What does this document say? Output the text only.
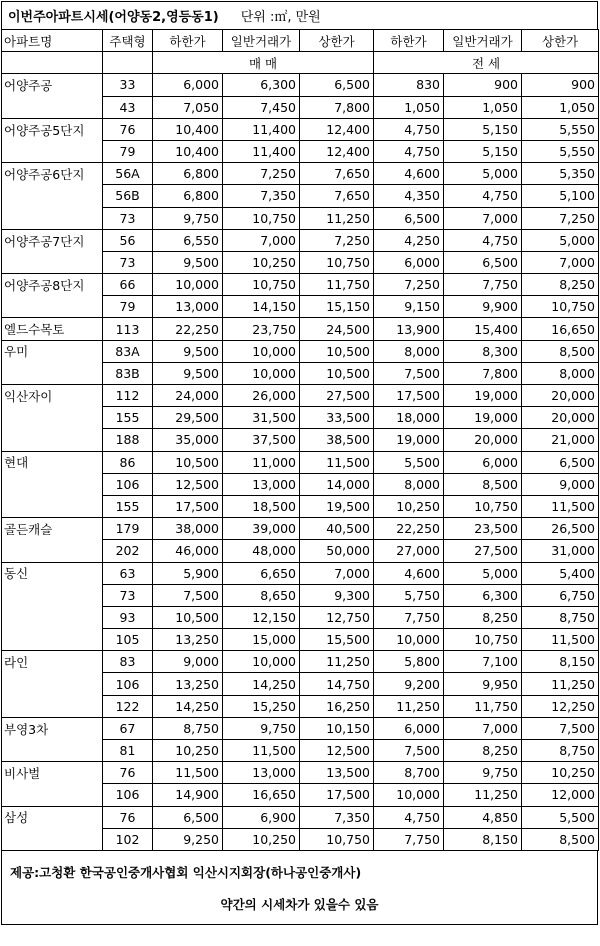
이번주아파트시세(어양동2,영등동1) 단위 :㎡, 만원
아파트명	주택형	하한가	일반거래가	상한가	하한가	일반거래가	상한가
		매 매			전 세		
어양주공	33	6,000	6,300	6,500	830	900	900
	43	7,050	7,450	7,800	1,050	1,050	1,050
어양주공5단지	76	10,400	11,400	12,400	4,750	5,150	5,550
	79	10,400	11,400	12,400	4,750	5,150	5,550
어양주공6단지	56A	6,800	7,250	7,650	4,600	5,000	5,350
	56B	6,800	7,350	7,650	4,350	4,750	5,100
	73	9,750	10,750	11,250	6,500	7,000	7,250
어양주공7단지	56	6,550	7,000	7,250	4,250	4,750	5,000
	73	9,500	10,250	10,750	6,000	6,500	7,000
어양주공8단지	66	10,000	10,750	11,750	7,250	7,750	8,250
	79	13,000	14,150	15,150	9,150	9,900	10,750
엘드수목토	113	22,250	23,750	24,500	13,900	15,400	16,650
우미	83A	9,500	10,000	10,500	8,000	8,300	8,500
	83B	9,500	10,000	10,500	7,500	7,800	8,000
익산자이	112	24,000	26,000	27,500	17,500	19,000	20,000
	155	29,500	31,500	33,500	18,000	19,000	20,000
	188	35,000	37,500	38,500	19,000	20,000	21,000
현대	86	10,500	11,000	11,500	5,500	6,000	6,500
	106	12,500	13,000	14,000	8,000	8,500	9,000
	155	17,500	18,500	19,500	10,250	10,750	11,500
골든캐슬	179	38,000	39,000	40,500	22,250	23,500	26,500
	202	46,000	48,000	50,000	27,000	27,500	31,000
동신	63	5,900	6,650	7,000	4,600	5,000	5,400
	73	7,500	8,650	9,300	5,750	6,300	6,750
	93	10,500	12,150	12,750	7,750	8,250	8,750
	105	13,250	15,000	15,500	10,000	10,750	11,500
라인	83	9,000	10,000	11,250	5,800	7,100	8,150
	106	13,250	14,250	14,750	9,200	9,950	11,250
	122	14,250	15,250	16,250	11,250	11,750	12,250
부영3차	67	8,750	9,750	10,150	6,000	7,000	7,500
	81	10,250	11,500	12,500	7,500	8,250	8,750
비사벌	76	11,500	13,000	13,500	8,700	9,750	10,250
	106	14,900	16,650	17,500	10,000	11,250	12,000
삼성	76	6,500	6,900	7,350	4,750	4,850	5,500
	102	9,250	10,250	10,750	7,750	8,150	8,500
제공:고청환 한국공인중개사협회 익산시지회장(하나공인중개사)
약간의 시세차가 있을수 있음
